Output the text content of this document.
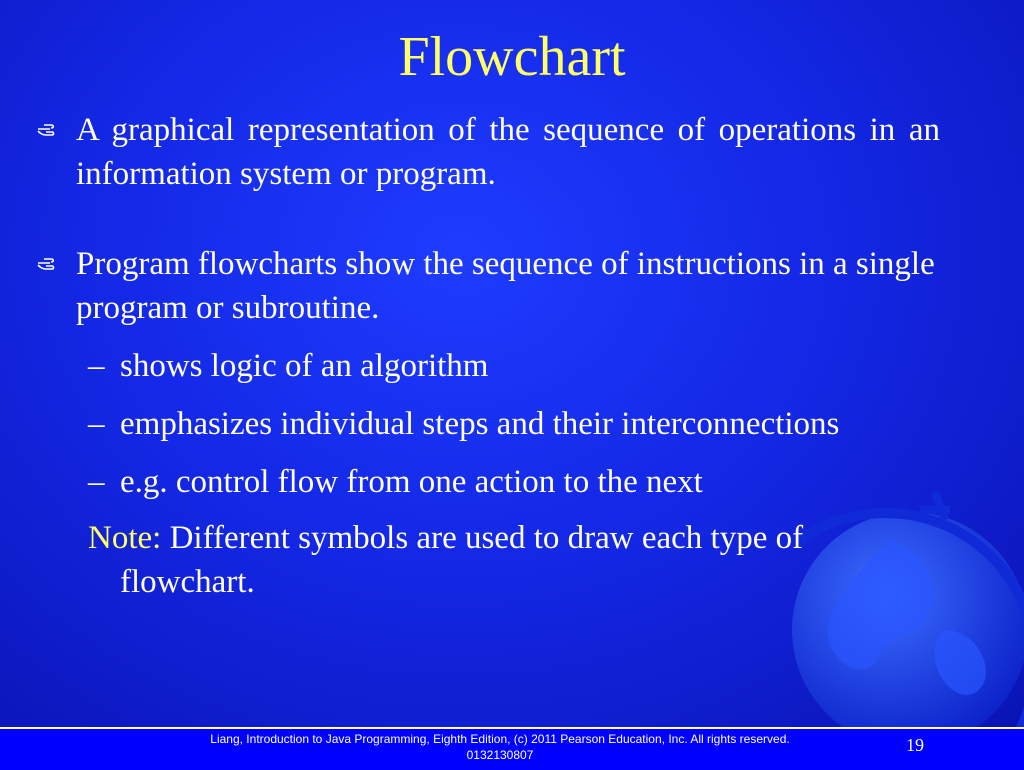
Flowchart

A graphical representation of the sequence of operations in an information system or program.

Program flowcharts show the sequence of instructions in a single program or subroutine.

– shows logic of an algorithm
– emphasizes individual steps and their interconnections
– e.g. control flow from one action to the next
Note: Different symbols are used to draw each type of flowchart.
Liang, Introduction to Java Programming, Eighth Edition, (c) 2011 Pearson Education, Inc. All rights reserved. 0132130807	19
